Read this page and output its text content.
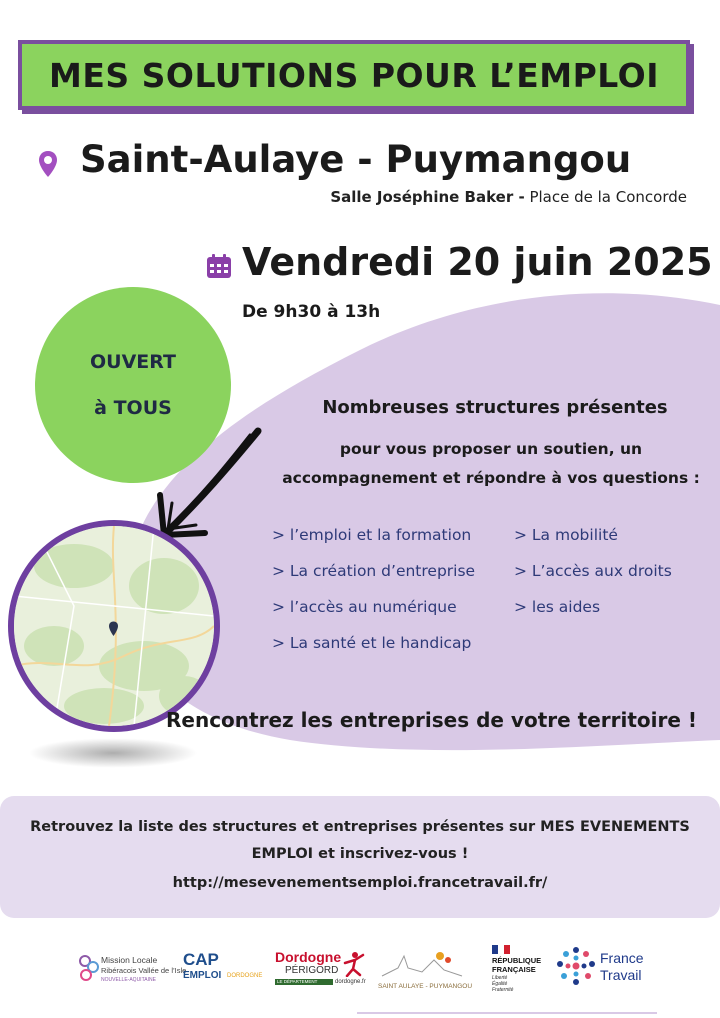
MES SOLUTIONS POUR L’EMPLOI
Saint-Aulaye - Puymangou
Salle Joséphine Baker - Place de la Concorde
Vendredi 20 juin 2025
De 9h30 à 13h
OUVERT
à TOUS	Nombreuses structures présentes
pour vous proposer un soutien, un
accompagnement et répondre à vos questions :
> l’emploi et la formation
> La création d’entreprise
> l’accès au numérique
> La santé et le handicap
> La mobilité
> L’accès aux droits
> les aides
Rencontrez les entreprises de votre territoire !
Retrouvez la liste des structures et entreprises présentes sur MES EVENEMENTS
EMPLOI et inscrivez-vous !
http://mesevenementsemploi.francetravail.fr/
Mission Locale
Ribéracois Vallée de l’Isle
NOUVELLE-AQUITAINE
CAP
EMPLOI DORDOGNE
Dordogne
PÉRIGORD
LE DÉPARTEMENT	dordogne.fr
SAINT AULAYE - PUYMANGOU
RÉPUBLIQUE
FRANÇAISE
Liberté
Égalité
Fraternité
France
Travail
